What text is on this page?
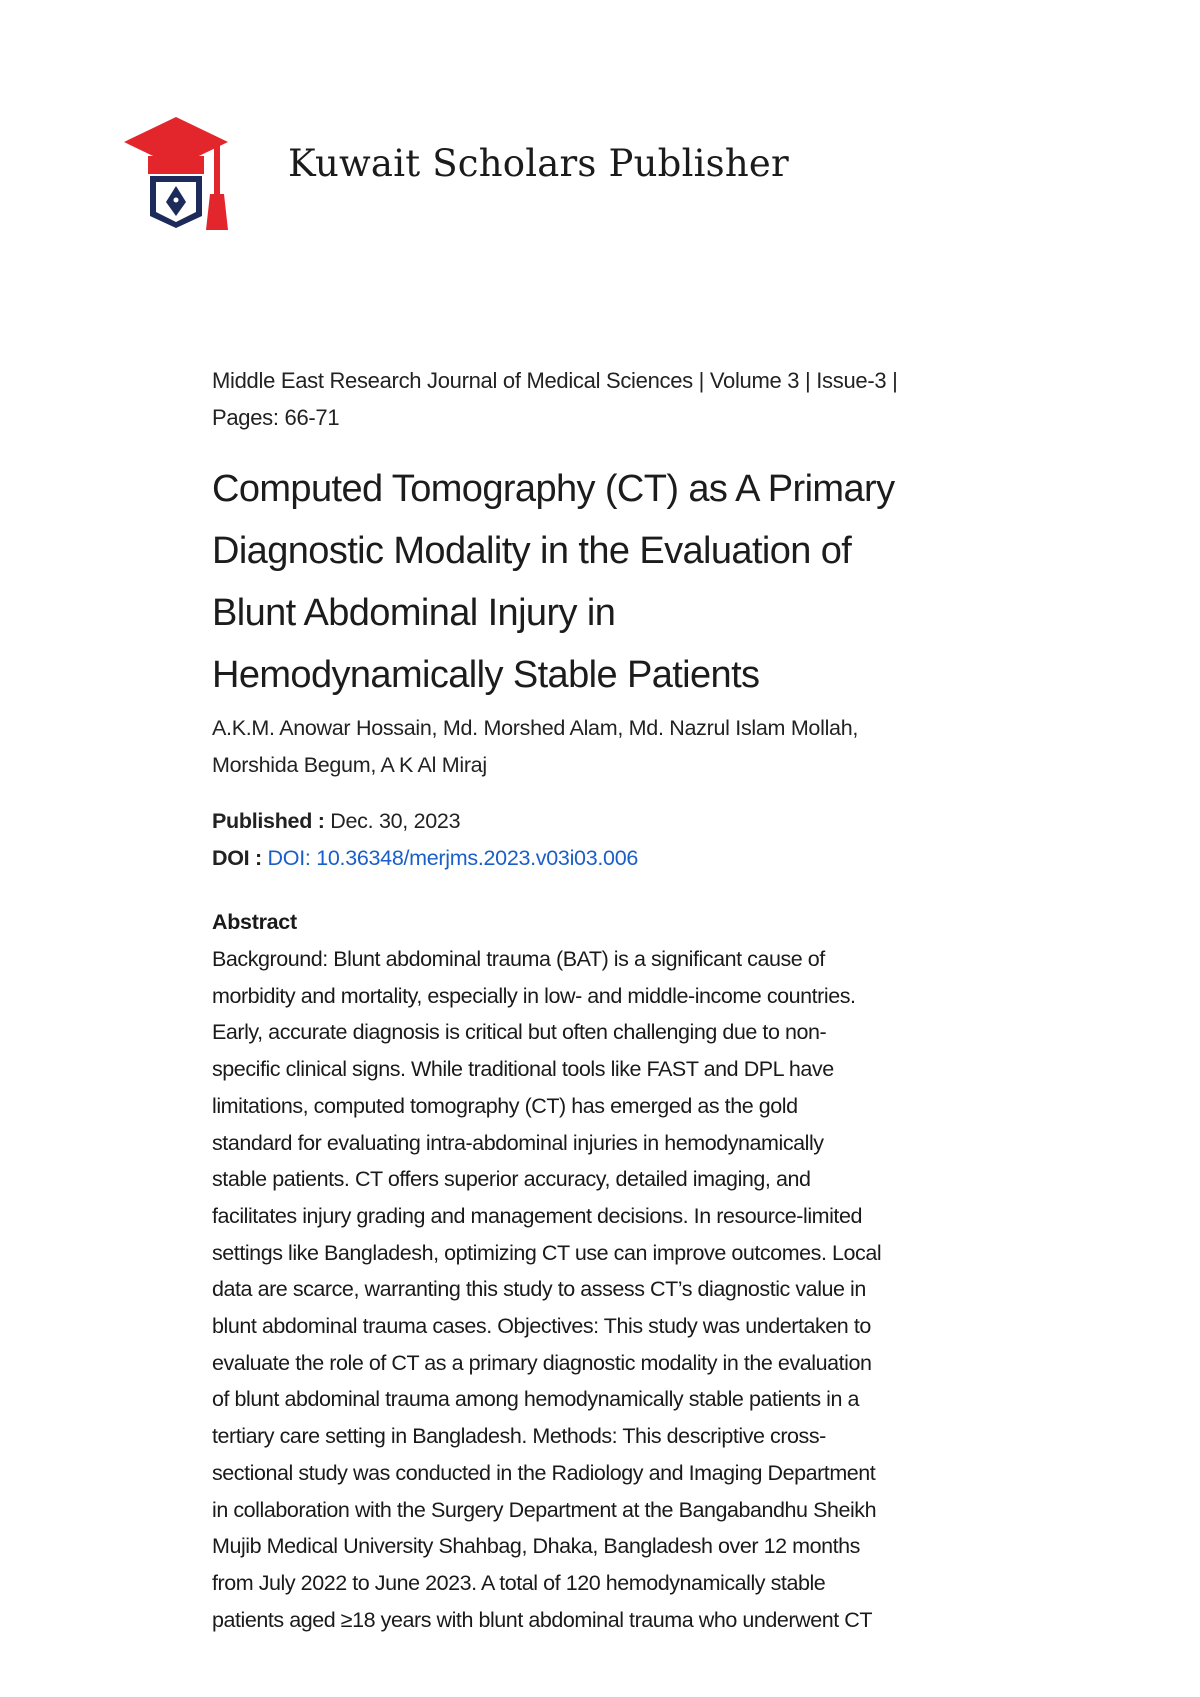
Kuwait Scholars Publisher
Middle East Research Journal of Medical Sciences | Volume 3 | Issue-3 |
Pages: 66-71
Computed Tomography (CT) as A Primary
Diagnostic Modality in the Evaluation of
Blunt Abdominal Injury in
Hemodynamically Stable Patients
A.K.M. Anowar Hossain, Md. Morshed Alam, Md. Nazrul Islam Mollah,
Morshida Begum, A K Al Miraj
Published : Dec. 30, 2023
DOI : DOI: 10.36348/merjms.2023.v03i03.006
Abstract
Background: Blunt abdominal trauma (BAT) is a significant cause of
morbidity and mortality, especially in low- and middle-income countries.
Early, accurate diagnosis is critical but often challenging due to non-
specific clinical signs. While traditional tools like FAST and DPL have
limitations, computed tomography (CT) has emerged as the gold
standard for evaluating intra-abdominal injuries in hemodynamically
stable patients. CT offers superior accuracy, detailed imaging, and
facilitates injury grading and management decisions. In resource-limited
settings like Bangladesh, optimizing CT use can improve outcomes. Local
data are scarce, warranting this study to assess CT’s diagnostic value in
blunt abdominal trauma cases. Objectives: This study was undertaken to
evaluate the role of CT as a primary diagnostic modality in the evaluation
of blunt abdominal trauma among hemodynamically stable patients in a
tertiary care setting in Bangladesh. Methods: This descriptive cross-
sectional study was conducted in the Radiology and Imaging Department
in collaboration with the Surgery Department at the Bangabandhu Sheikh
Mujib Medical University Shahbag, Dhaka, Bangladesh over 12 months
from July 2022 to June 2023. A total of 120 hemodynamically stable
patients aged ≥18 years with blunt abdominal trauma who underwent CT
